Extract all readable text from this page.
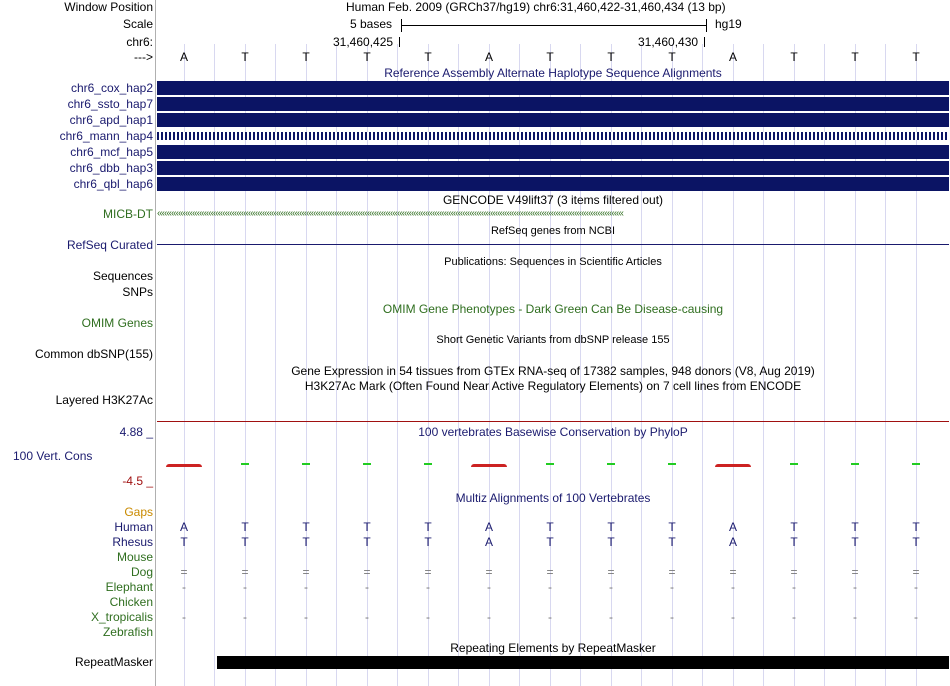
Window Position	Human Feb. 2009 (GRCh37/hg19) chr6:31,460,422-31,460,434 (13 bp)
Scale	5 bases	hg19
chr6:	31,460,425	31,460,430
--->	A	T	T	T	T	A	T	T	T	A	T	T	T
Reference Assembly Alternate Haplotype Sequence Alignments
chr6_cox_hap2
chr6_ssto_hap7
chr6_apd_hap1
chr6_mann_hap4
chr6_mcf_hap5
chr6_dbb_hap3
chr6_qbl_hap6
GENCODE V49lift37 (3 items filtered out)
MICB-DT ‹‹‹‹‹‹‹‹‹‹‹‹‹‹‹‹‹‹‹‹‹‹‹‹‹‹‹‹‹‹‹‹‹‹‹‹‹‹‹‹‹‹‹‹‹‹‹‹‹‹‹‹‹‹‹‹‹‹‹‹‹‹‹‹‹‹‹‹‹‹‹‹‹‹‹‹‹‹‹‹‹‹‹‹‹‹‹‹‹‹‹‹‹‹‹‹‹‹‹‹‹‹‹‹‹‹‹‹‹‹‹‹‹‹‹‹‹‹‹‹‹‹‹‹‹‹‹‹‹‹‹‹‹‹‹‹‹‹‹‹‹‹‹‹‹‹‹‹‹‹‹‹‹‹‹‹‹‹‹‹‹‹‹‹‹‹‹‹‹‹‹‹‹‹‹‹‹‹‹‹‹‹‹‹‹‹‹‹‹‹‹‹‹‹‹‹‹‹‹‹
RefSeq genes from NCBI
RefSeq Curated
Publications: Sequences in Scientific Articles
Sequences
SNPs
OMIM Gene Phenotypes - Dark Green Can Be Disease-causing
OMIM Genes
Short Genetic Variants from dbSNP release 155
Common dbSNP(155)
Gene Expression in 54 tissues from GTEx RNA-seq of 17382 samples, 948 donors (V8, Aug 2019)
H3K27Ac Mark (Often Found Near Active Regulatory Elements) on 7 cell lines from ENCODE
Layered H3K27Ac
4.88 _	100 vertebrates Basewise Conservation by PhyloP
100 Vert. Cons
-4.5 _
Multiz Alignments of 100 Vertebrates
Gaps
Human	A	T	T	T	T	A	T	T	T	A	T	T	T
Rhesus	T	T	T	T	T	A	T	T	T	A	T	T	T
Mouse
Dog	=	=	=	=	=	=	=	=	=	=	=	=	=
Elephant	-	-	-	-	-	-	-	-	-	-	-	-	-
Chicken
X_tropicalis	-	-	-	-	-	-	-	-	-	-	-	-	-
Zebrafish
Repeating Elements by RepeatMasker
RepeatMasker
